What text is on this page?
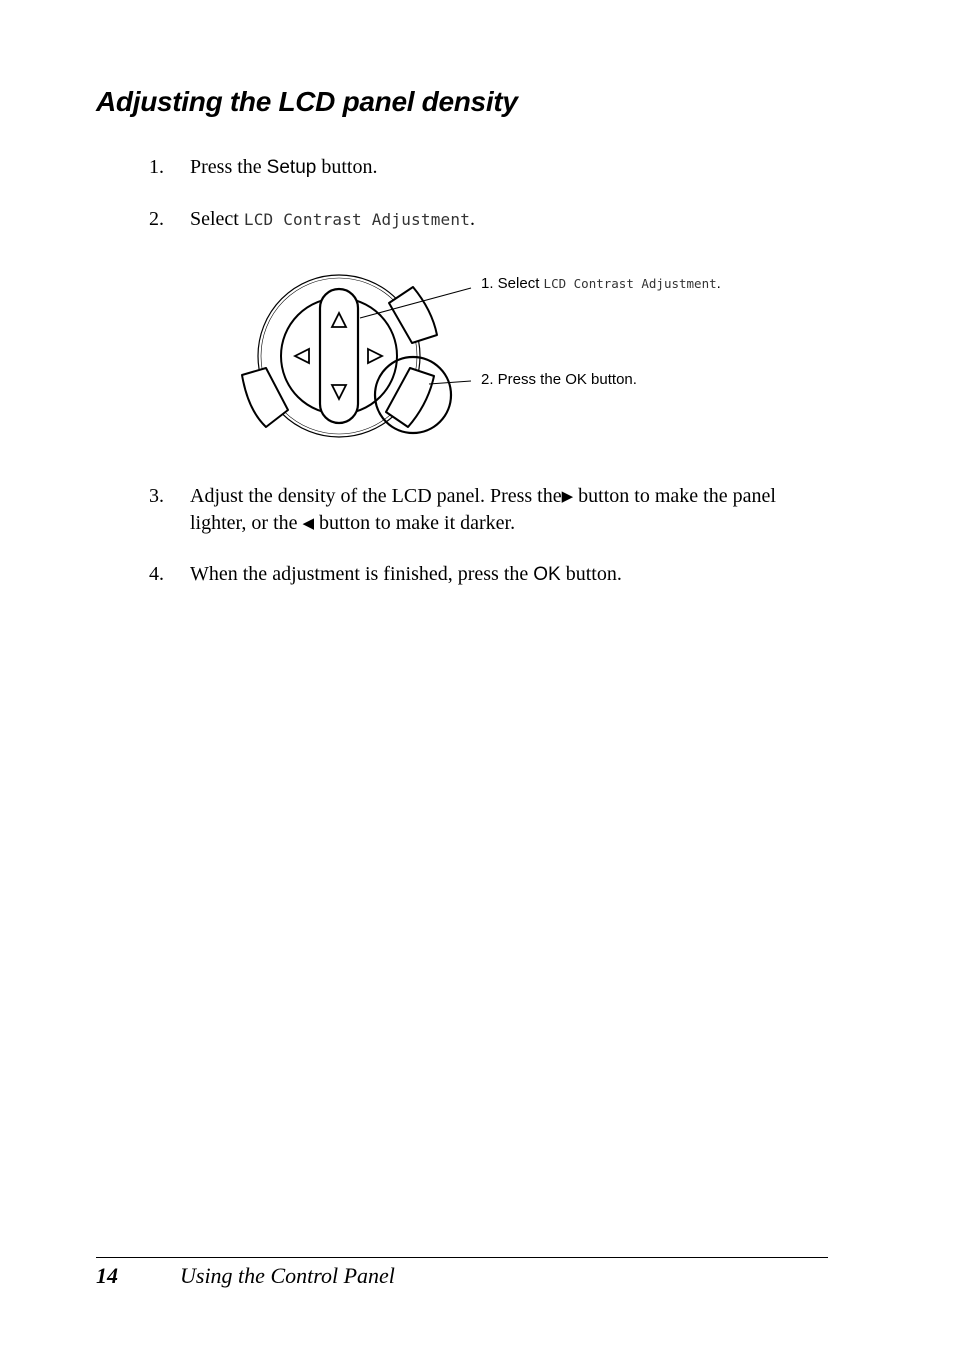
Adjusting the LCD panel density
1. Press the Setup button.
2. Select LCD Contrast Adjustment.
1. Select LCD Contrast Adjustment.
2. Press the OK button.
3. Adjust the density of the LCD panel. Press the▶ button to make the panel lighter, or the ◀ button to make it darker.
4. When the adjustment is finished, press the OK button.
14	Using the Control Panel
